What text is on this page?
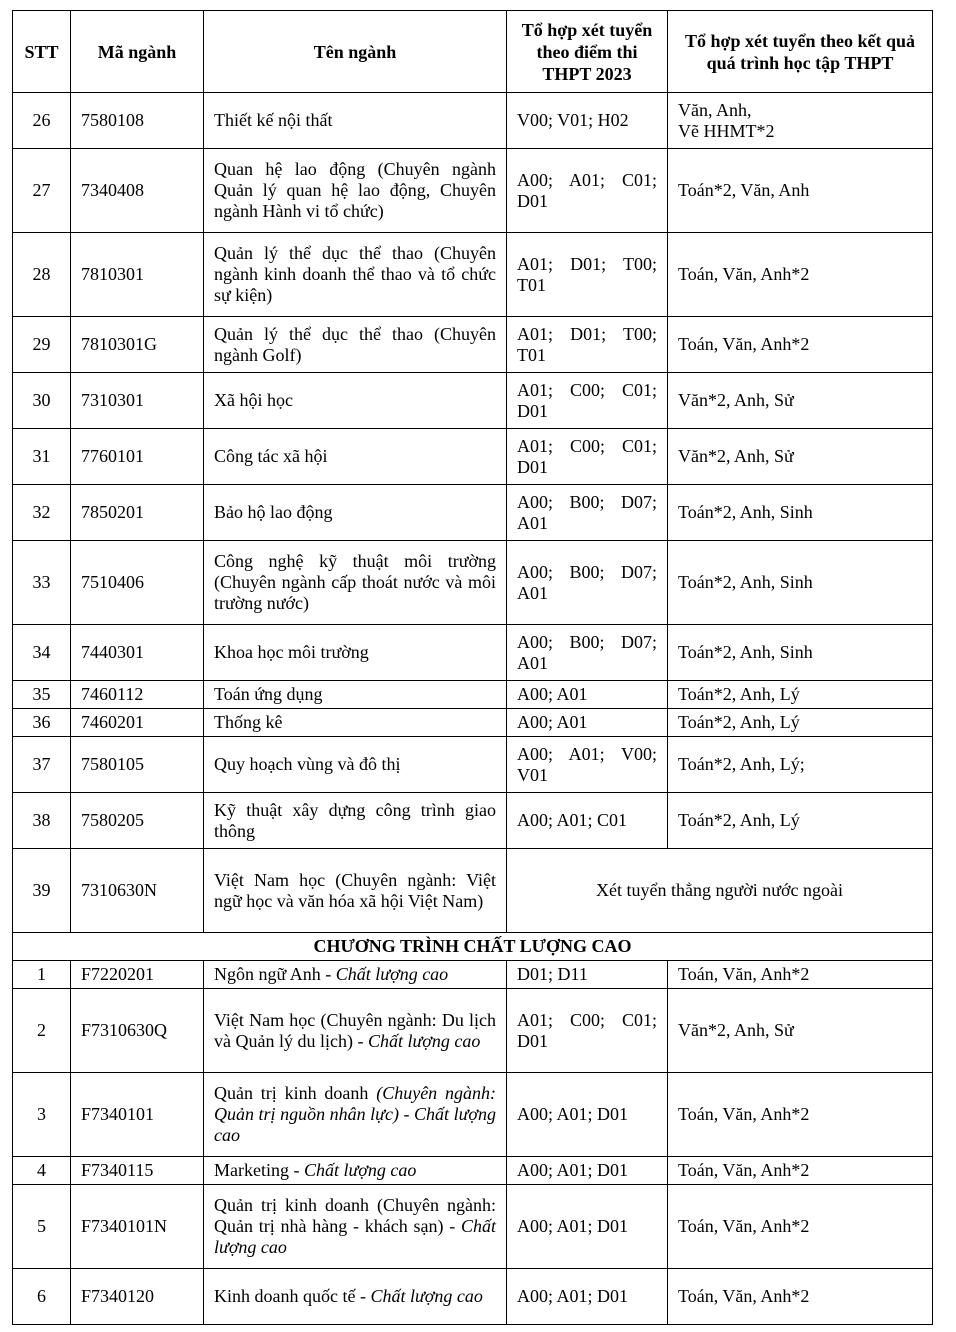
STT	Mã ngành	Tên ngành	Tổ hợp xét tuyển theo điểm thi THPT 2023	Tổ hợp xét tuyển theo kết quả quá trình học tập THPT
26	7580108	Thiết kế nội thất	V00; V01; H02	Văn, Anh,
Vẽ HHMT*2

27	7340408	Quan hệ lao động (Chuyên ngành Quản lý quan hệ lao động, Chuyên ngành Hành vi tổ chức)	A00; A01; C01; D01	Toán*2, Văn, Anh
28	7810301	Quản lý thể dục thể thao (Chuyên ngành kinh doanh thể thao và tổ chức sự kiện)	A01; D01; T00; T01	Toán, Văn, Anh*2
29	7810301G	Quản lý thể dục thể thao (Chuyên ngành Golf)	A01; D01; T00; T01	Toán, Văn, Anh*2
30	7310301	Xã hội học	A01; C00; C01; D01	Văn*2, Anh, Sử
31	7760101	Công tác xã hội	A01; C00; C01; D01	Văn*2, Anh, Sử
32	7850201	Bảo hộ lao động	A00; B00; D07; A01	Toán*2, Anh, Sinh
33	7510406	Công nghệ kỹ thuật môi trường (Chuyên ngành cấp thoát nước và môi trường nước)	A00; B00; D07; A01	Toán*2, Anh, Sinh
34	7440301	Khoa học môi trường	A00; B00; D07; A01	Toán*2, Anh, Sinh
35	7460112	Toán ứng dụng	A00; A01	Toán*2, Anh, Lý
36	7460201	Thống kê	A00; A01	Toán*2, Anh, Lý
37	7580105	Quy hoạch vùng và đô thị	A00; A01; V00; V01	Toán*2, Anh, Lý;
38	7580205	Kỹ thuật xây dựng công trình giao thông	A00; A01; C01	Toán*2, Anh, Lý
39	7310630N	Việt Nam học (Chuyên ngành: Việt ngữ học và văn hóa xã hội Việt Nam)	Xét tuyển thẳng người nước ngoài	
CHƯƠNG TRÌNH CHẤT LƯỢNG CAO				
1	F7220201	Ngôn ngữ Anh - Chất lượng cao	D01; D11	Toán, Văn, Anh*2
2	F7310630Q	Việt Nam học (Chuyên ngành: Du lịch và Quản lý du lịch) - Chất lượng cao	A01; C00; C01; D01	Văn*2, Anh, Sử
3	F7340101	Quản trị kinh doanh (Chuyên ngành: Quản trị nguồn nhân lực) - Chất lượng cao	A00; A01; D01	Toán, Văn, Anh*2
4	F7340115	Marketing - Chất lượng cao	A00; A01; D01	Toán, Văn, Anh*2
5	F7340101N	Quản trị kinh doanh (Chuyên ngành: Quản trị nhà hàng - khách sạn) - Chất lượng cao	A00; A01; D01	Toán, Văn, Anh*2
6	F7340120	Kinh doanh quốc tế - Chất lượng cao	A00; A01; D01	Toán, Văn, Anh*2
